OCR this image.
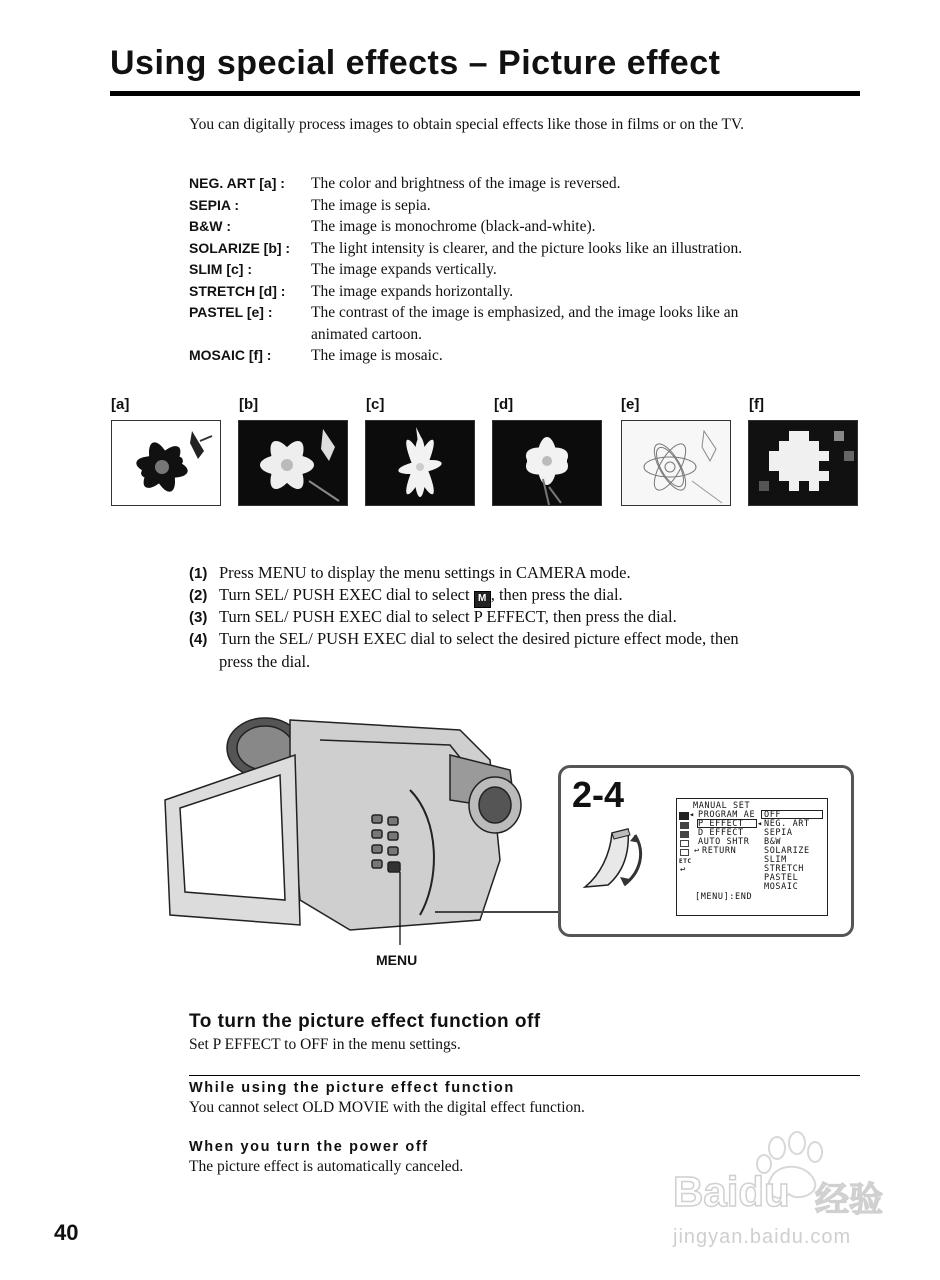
Using special effects – Picture effect
You can digitally process images to obtain special effects like those in films or on the TV.
NEG. ART [a] : The color and brightness of the image is reversed.
SEPIA :	The image is sepia.
B&W :	The image is monochrome (black-and-white).
SOLARIZE [b] : The light intensity is clearer, and the picture looks like an illustration.
SLIM [c] :	The image expands vertically.
STRETCH [d] : The image expands horizontally.
PASTEL [e] : The contrast of the image is emphasized, and the image looks like an
animated cartoon.
MOSAIC [f] :	The image is mosaic.
[a]	[b]	[c]	[d]	[e]	[f]
(1) Press MENU to display the menu settings in CAMERA mode.
(2) Turn SEL/ PUSH EXEC dial to select M , then press the dial.
(3) Turn SEL/ PUSH EXEC dial to select P EFFECT, then press the dial.
(4) Turn the SEL/ PUSH EXEC dial to select the desired picture effect mode, then
press the dial.
MENU
2-4	MANUAL SET
ETC
↩
◂ PROGRAM AE
P EFFECT
D EFFECT
AUTO SHTR
↩ RETURN
OFF
◂ NEG. ART
SEPIA
B&W
SOLARIZE
SLIM
STRETCH
PASTEL
MOSAIC
[MENU]:END
To turn the picture effect function off
Set P EFFECT to OFF in the menu settings.
While using the picture effect function
You cannot select OLD MOVIE with the digital effect function.
When you turn the power off
The picture effect is automatically canceled.
40
Baidu 经验
jingyan.baidu.com
